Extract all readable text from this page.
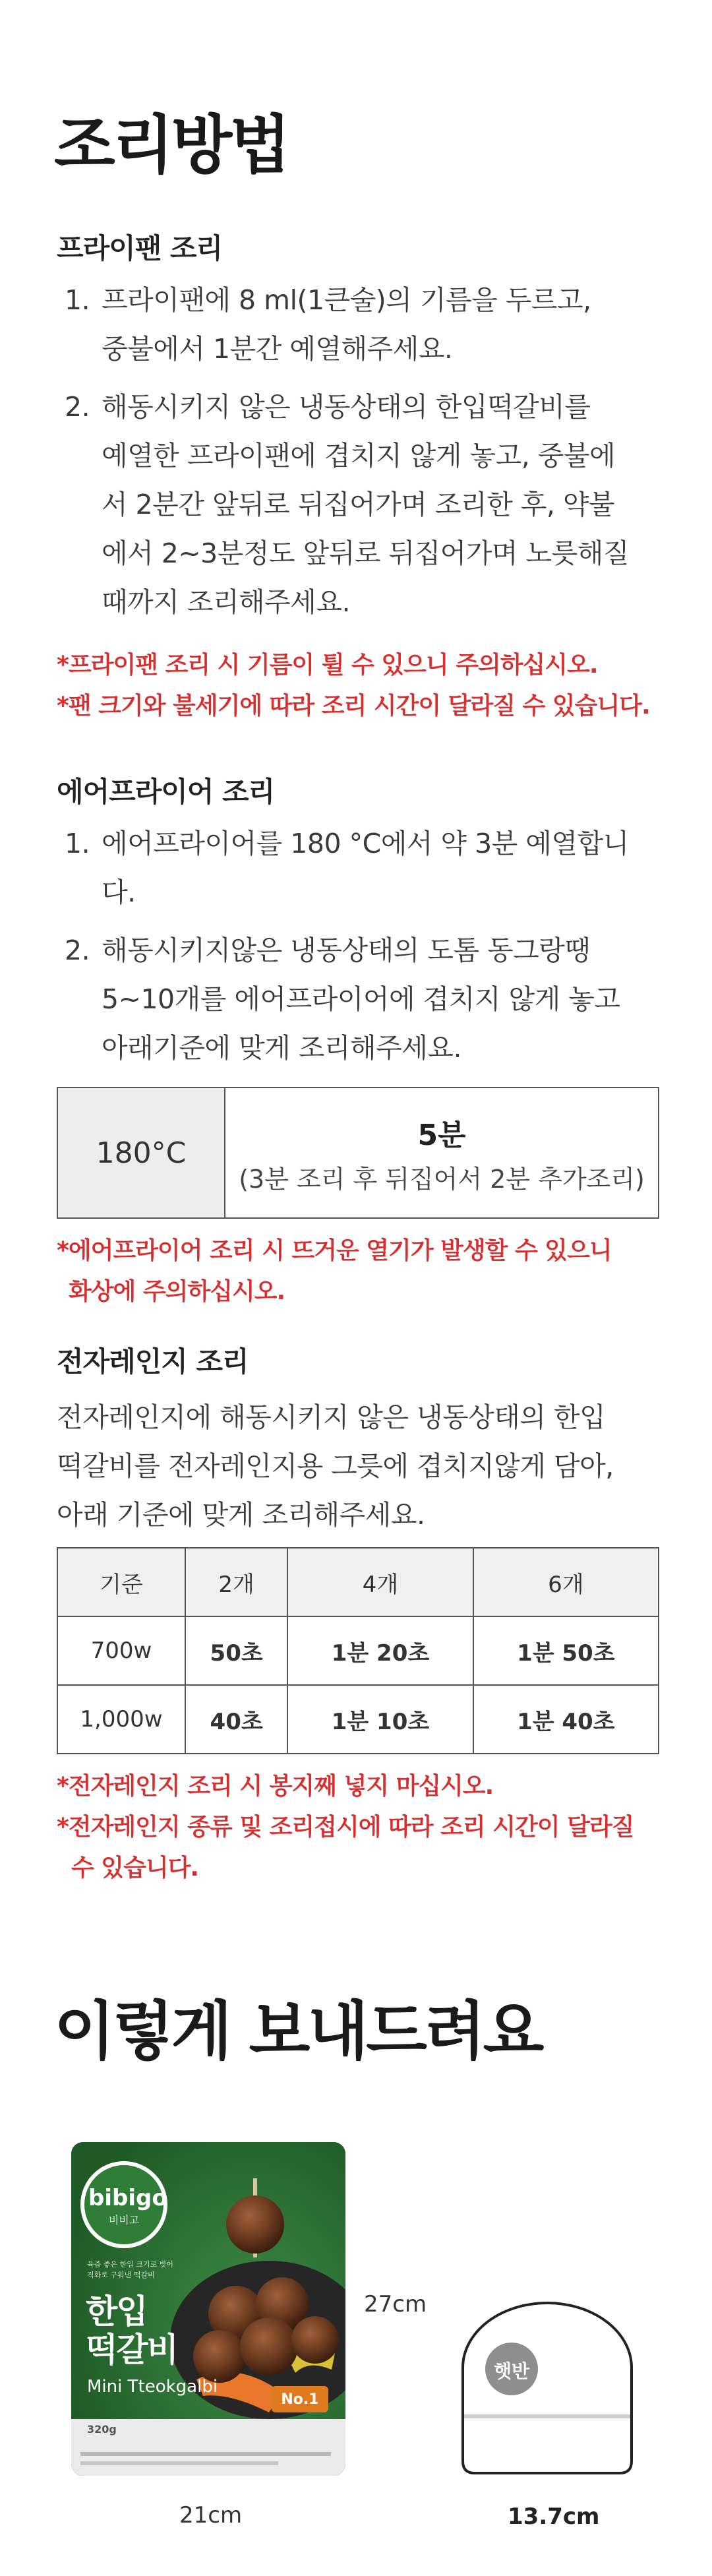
조리방법
프라이팬 조리
1. 프라이팬에 8 ml(1큰술)의 기름을 두르고,
중불에서 1분간 예열해주세요.
2. 해동시키지 않은 냉동상태의 한입떡갈비를
예열한 프라이팬에 겹치지 않게 놓고, 중불에
서 2분간 앞뒤로 뒤집어가며 조리한 후, 약불
에서 2~3분정도 앞뒤로 뒤집어가며 노릇해질
때까지 조리해주세요.
*프라이팬 조리 시 기름이 튈 수 있으니 주의하십시오.
*팬 크기와 불세기에 따라 조리 시간이 달라질 수 있습니다.
에어프라이어 조리
1. 에어프라이어를 180 °C에서 약 3분 예열합니
다.
2. 해동시키지않은 냉동상태의 도톰 동그랑땡
5~10개를 에어프라이어에 겹치지 않게 놓고
아래기준에 맞게 조리해주세요.
180°C	
5분
(3분 조리 후 뒤집어서 2분 추가조리)
*에어프라이어 조리 시 뜨거운 열기가 발생할 수 있으니
화상에 주의하십시오.
전자레인지 조리
전자레인지에 해동시키지 않은 냉동상태의 한입
떡갈비를 전자레인지용 그릇에 겹치지않게 담아,
아래 기준에 맞게 조리해주세요.
기준	2개	4개	6개
700w	50초	1분 20초	1분 50초
1,000w	40초	1분 10초	1분 40초
*전자레인지 조리 시 봉지째 넣지 마십시오.
*전자레인지 종류 및 조리접시에 따라 조리 시간이 달라질
수 있습니다.
이렇게 보내드려요
bibigo
비비고
육즙 좋은 한입 크기로 빚어
직화로 구워낸 떡갈비
한입
떡갈비
Mini Tteokgalbi
320g
No.1
27cm
21cm
햇반
13.7cm
